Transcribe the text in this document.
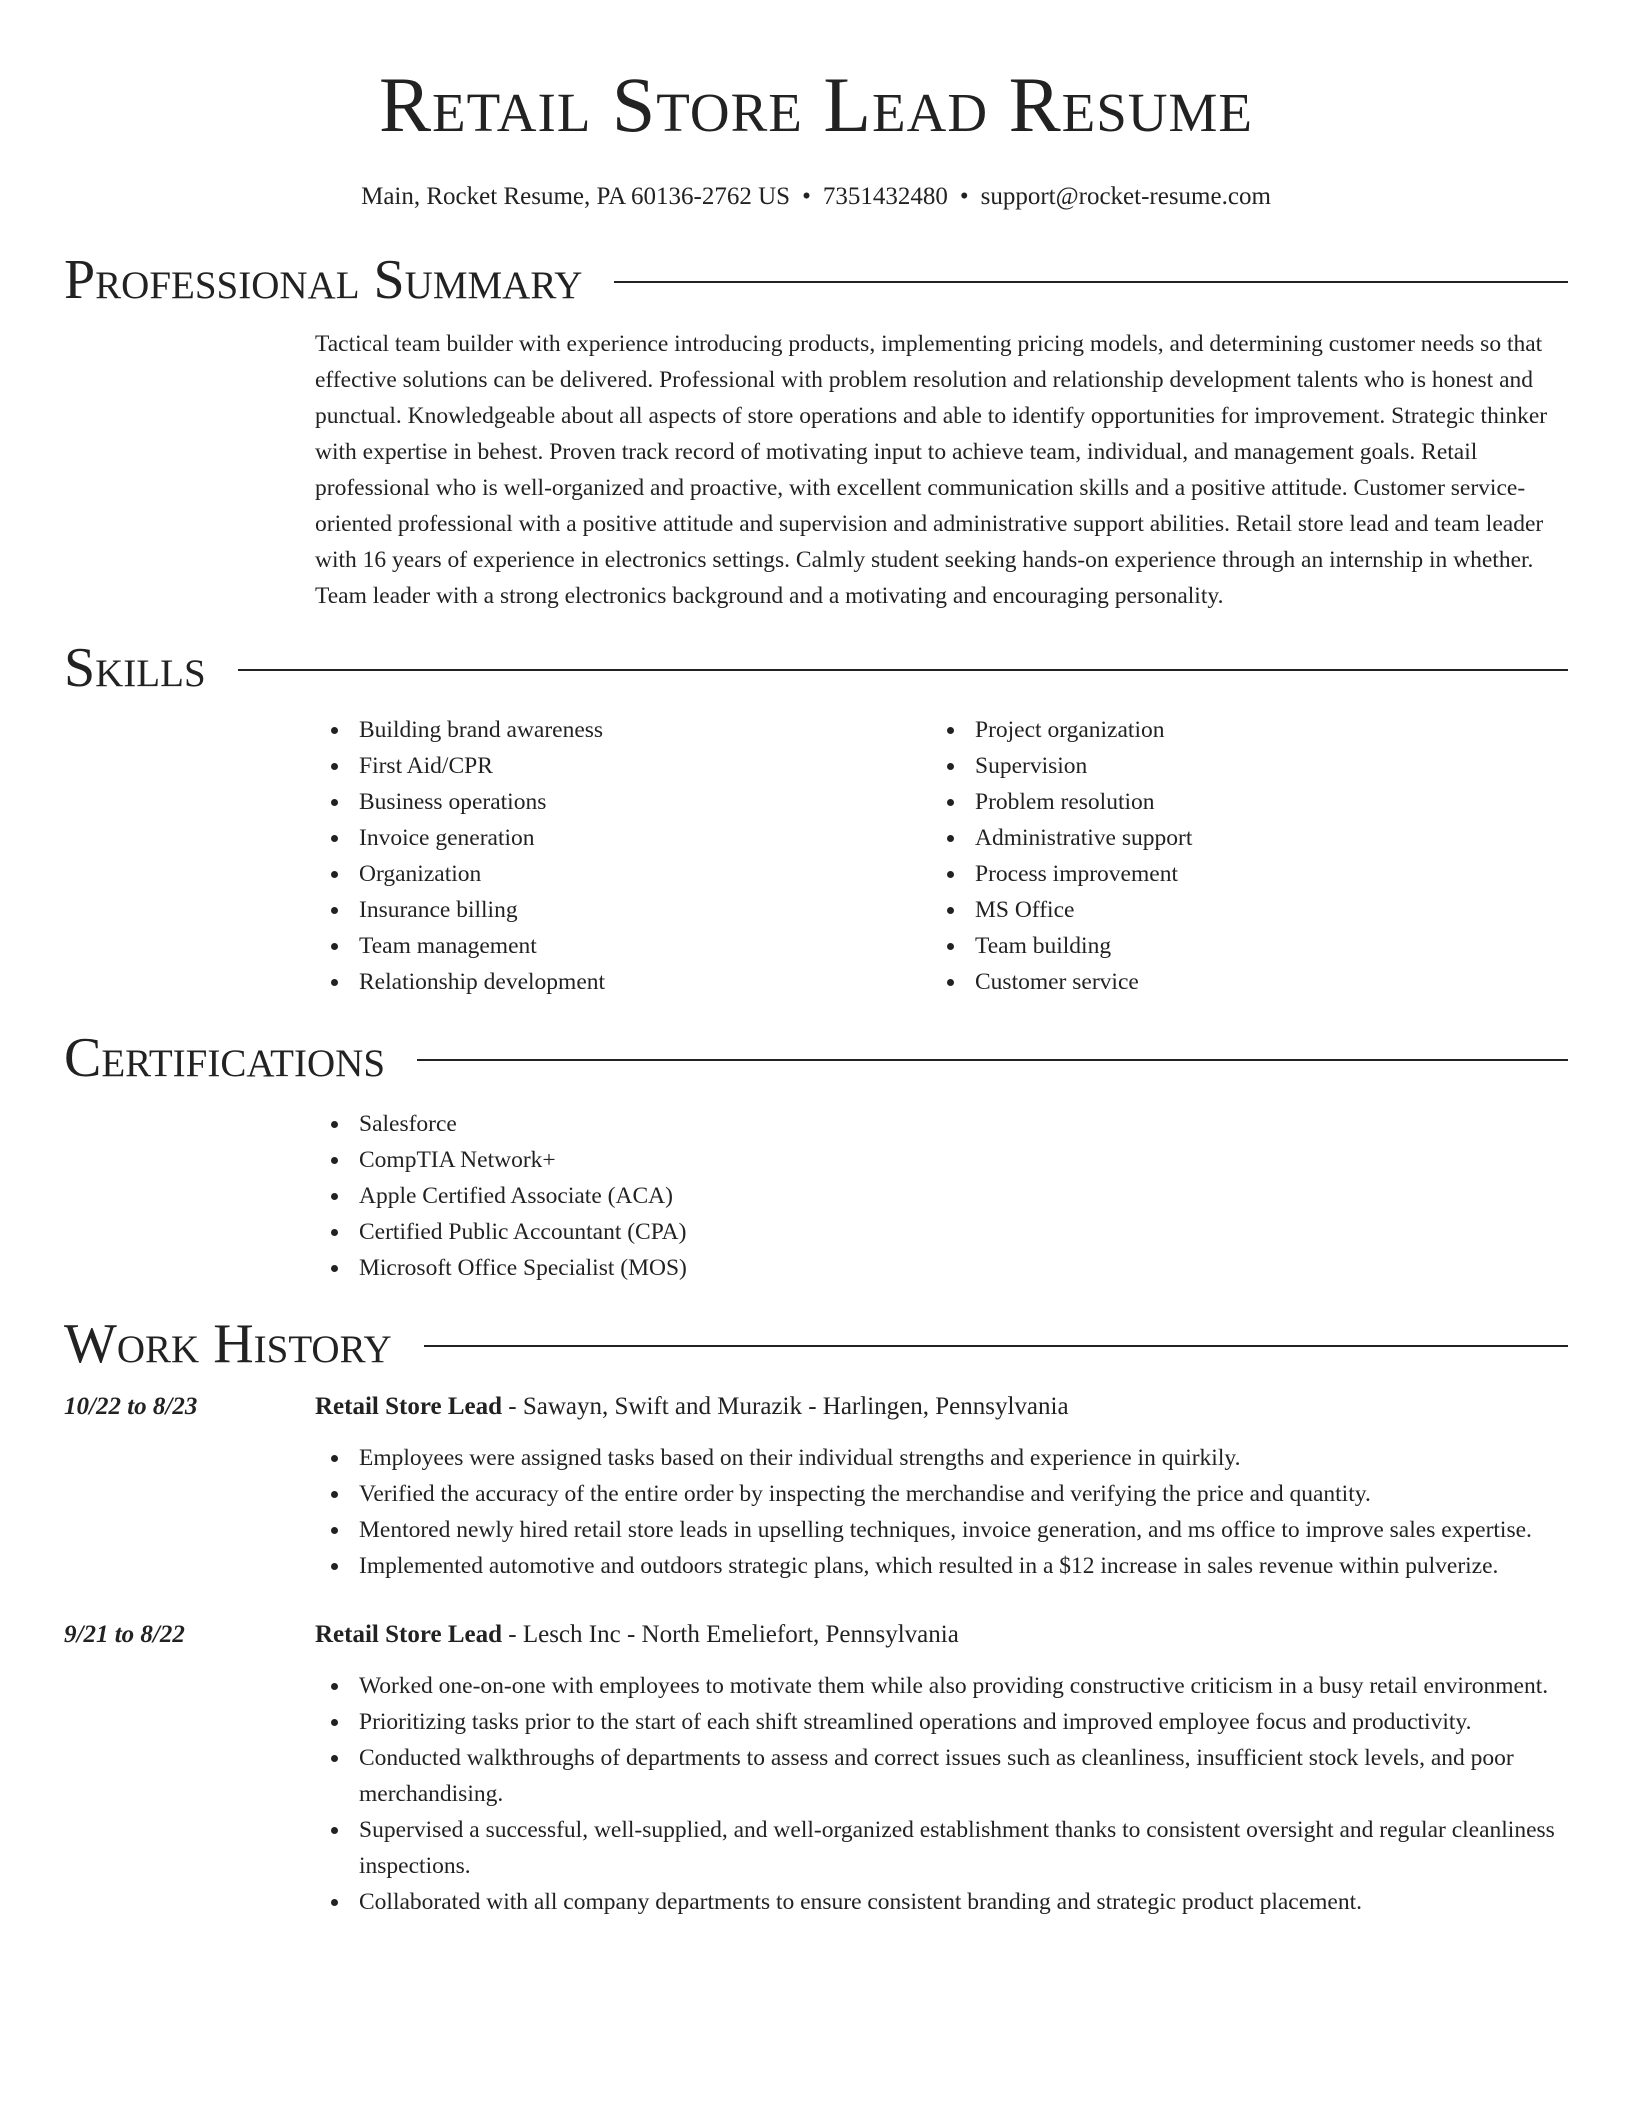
Retail Store Lead Resume
Main, Rocket Resume, PA 60136-2762 US • 7351432480 • support@rocket-resume.com
Professional Summary

Tactical team builder with experience introducing products, implementing pricing models, and determining customer needs so that effective solutions can be delivered. Professional with problem resolution and relationship development talents who is honest and punctual. Knowledgeable about all aspects of store operations and able to identify opportunities for improvement. Strategic thinker with expertise in behest. Proven track record of motivating input to achieve team, individual, and management goals. Retail professional who is well-organized and proactive, with excellent communication skills and a positive attitude. Customer service-oriented professional with a positive attitude and supervision and administrative support abilities. Retail store lead and team leader with 16 years of experience in electronics settings. Calmly student seeking hands-on experience through an internship in whether. Team leader with a strong electronics background and a motivating and encouraging personality.

Skills
Building brand awareness
First Aid/CPR
Business operations
Invoice generation
Organization
Insurance billing
Team management
Relationship development
Project organization
Supervision
Problem resolution
Administrative support
Process improvement
MS Office
Team building
Customer service
Certifications
Salesforce
CompTIA Network+
Apple Certified Associate (ACA)
Certified Public Accountant (CPA)
Microsoft Office Specialist (MOS)
Work History
10/22 to 8/23	Retail Store Lead - Sawayn, Swift and Murazik - Harlingen, Pennsylvania
Employees were assigned tasks based on their individual strengths and experience in quirkily.
Verified the accuracy of the entire order by inspecting the merchandise and verifying the price and quantity.
Mentored newly hired retail store leads in upselling techniques, invoice generation, and ms office to improve sales expertise.
Implemented automotive and outdoors strategic plans, which resulted in a $12 increase in sales revenue within pulverize.
9/21 to 8/22	Retail Store Lead - Lesch Inc - North Emeliefort, Pennsylvania
Worked one-on-one with employees to motivate them while also providing constructive criticism in a busy retail environment.
Prioritizing tasks prior to the start of each shift streamlined operations and improved employee focus and productivity.
Conducted walkthroughs of departments to assess and correct issues such as cleanliness, insufficient stock levels, and poor merchandising.
Supervised a successful, well-supplied, and well-organized establishment thanks to consistent oversight and regular cleanliness inspections.
Collaborated with all company departments to ensure consistent branding and strategic product placement.
